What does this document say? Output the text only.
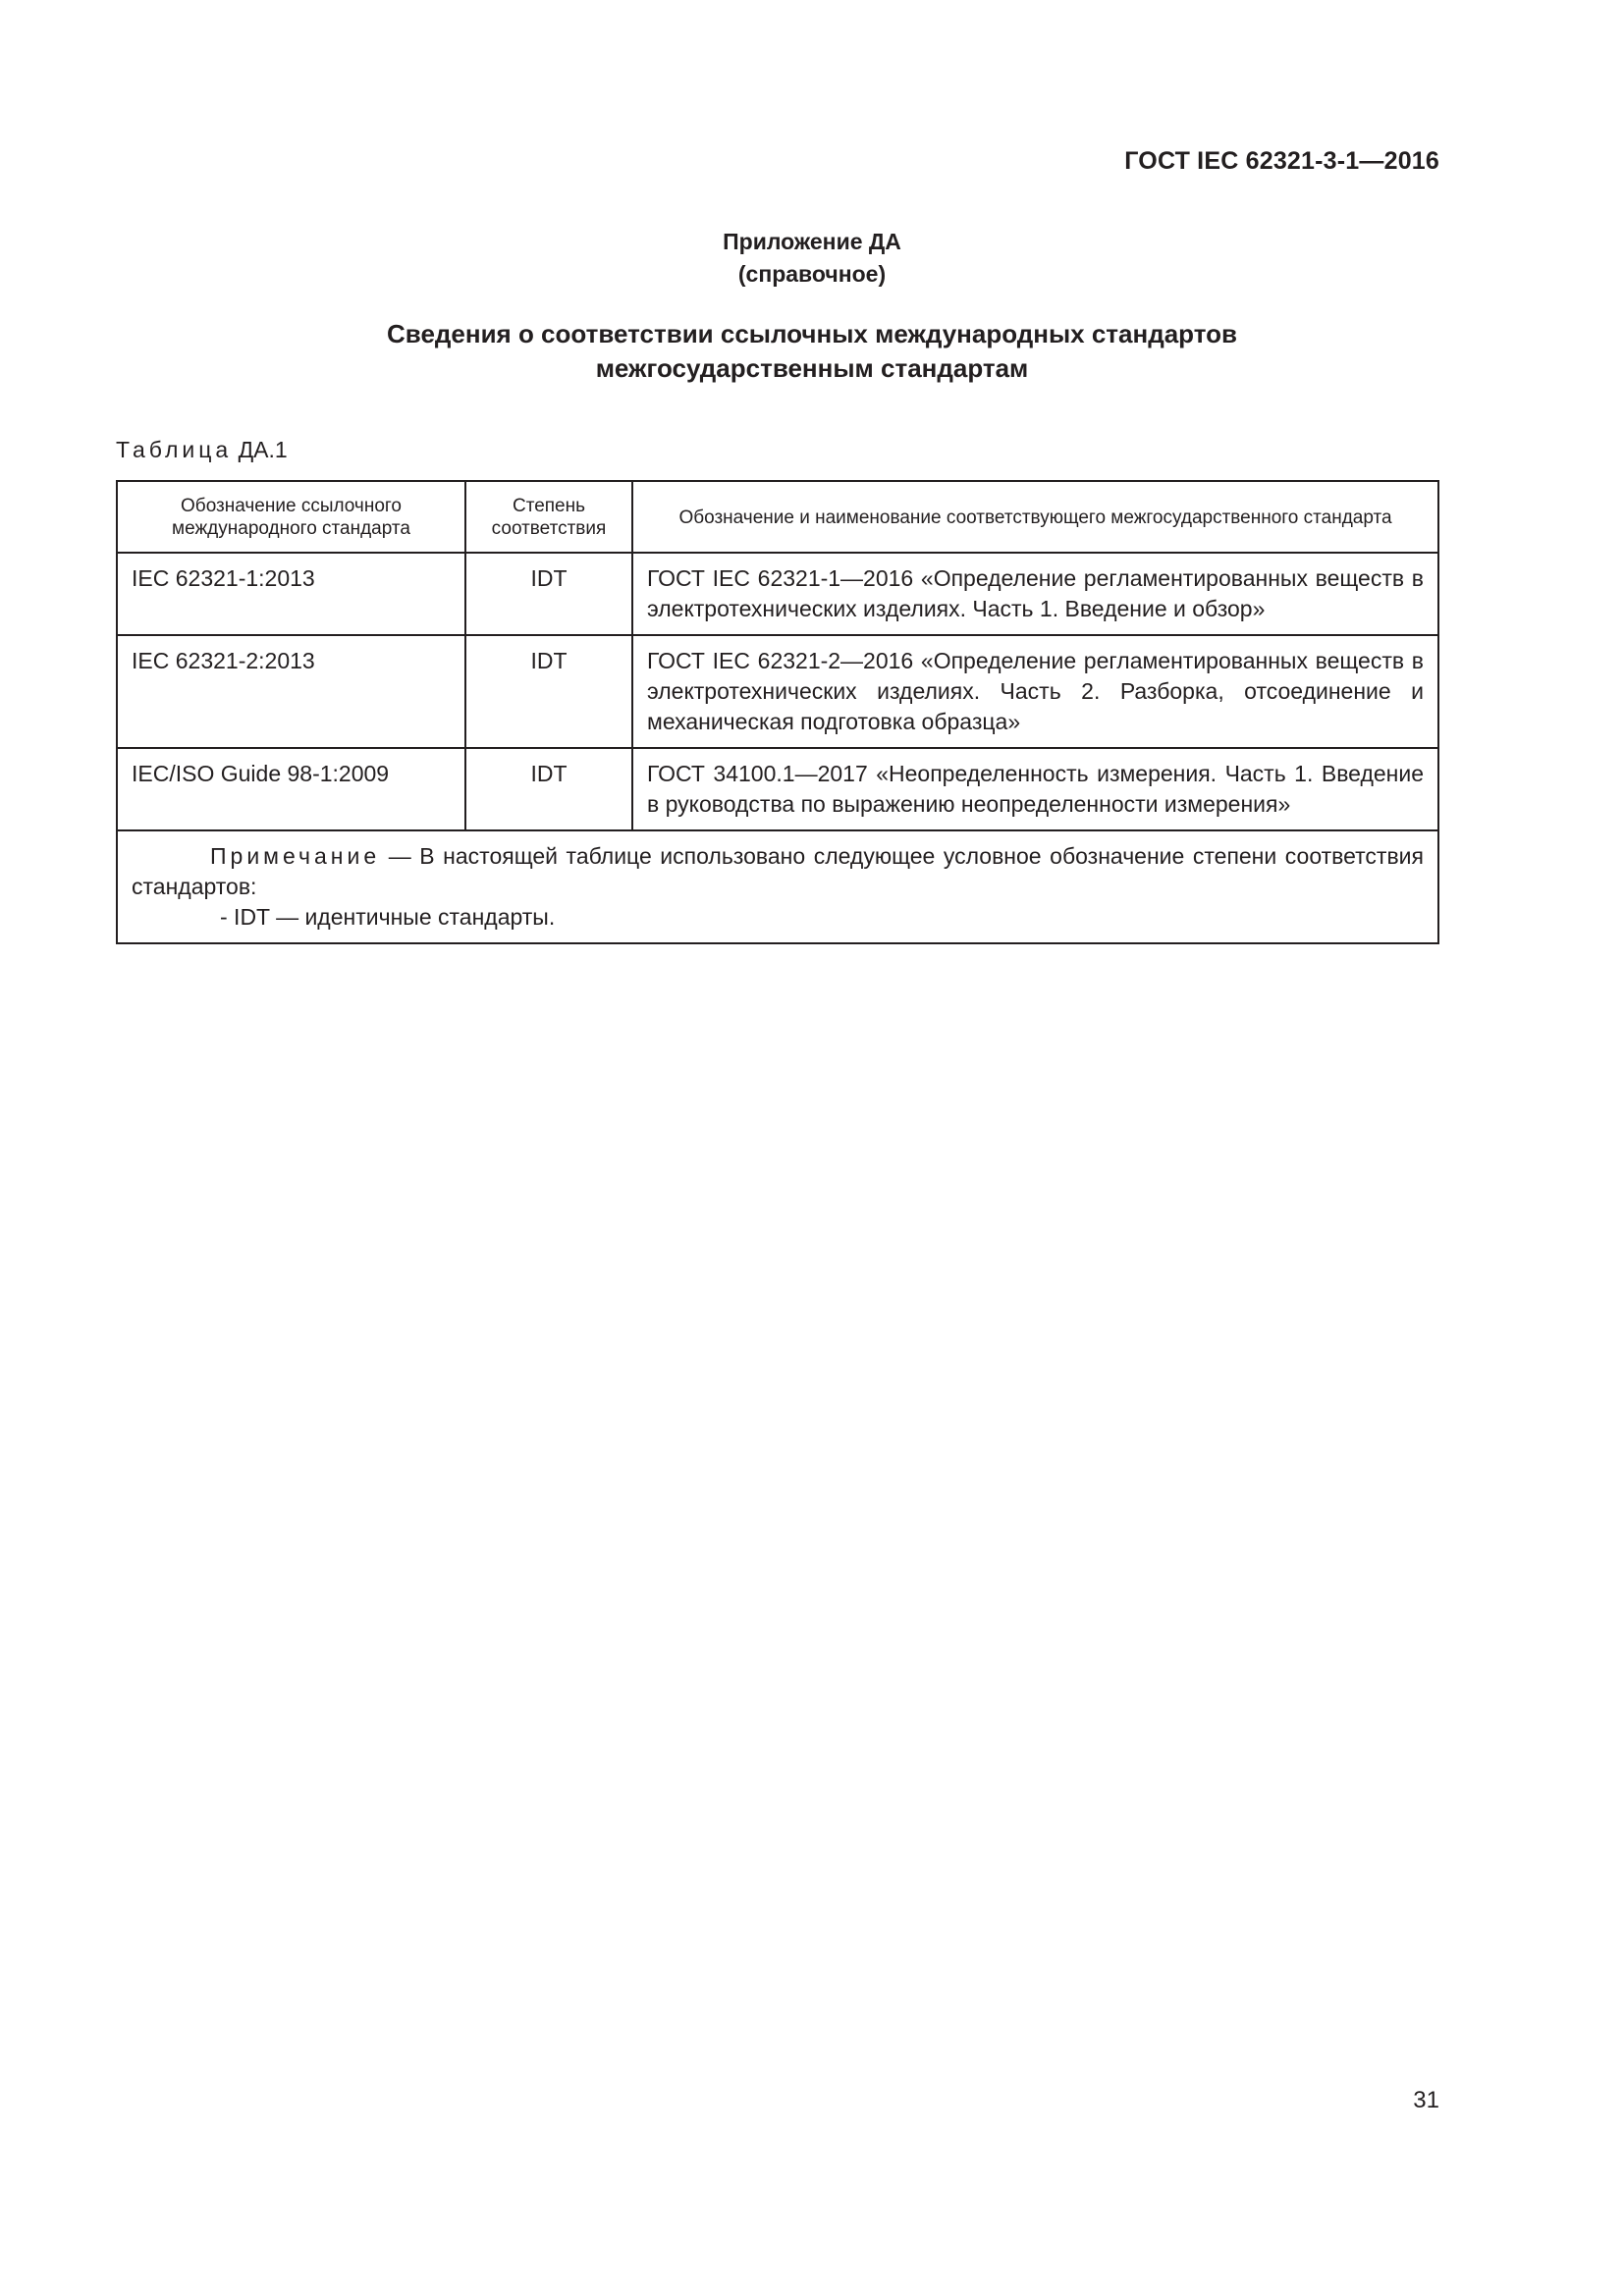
ГОСТ IEC 62321-3-1—2016
Приложение ДА
(справочное)
Сведения о соответствии ссылочных международных стандартов
межгосударственным стандартам
Таблица ДА.1
Обозначение ссылочного международного стандарта	Степень соответствия	Обозначение и наименование соответствующего межгосударственного стандарта
IEC 62321-1:2013	IDT	ГОСТ IEC 62321-1—2016 «Определение регламентированных веществ в электротехнических изделиях. Часть 1. Введение и обзор»
IEC 62321-2:2013	IDT	ГОСТ IEC 62321-2—2016 «Определение регламентированных веществ в электротехнических изделиях. Часть 2. Разборка, отсоединение и механическая подготовка образца»
IEC/ISO Guide 98-1:2009	IDT	ГОСТ 34100.1—2017 «Неопределенность измерения. Часть 1. Введение в руководства по выражению неопределенности измерения»

Примечание — В настоящей таблице использовано следующее условное обозначение степени соответствия стандартов:
- IDT — идентичные стандарты.		
31
